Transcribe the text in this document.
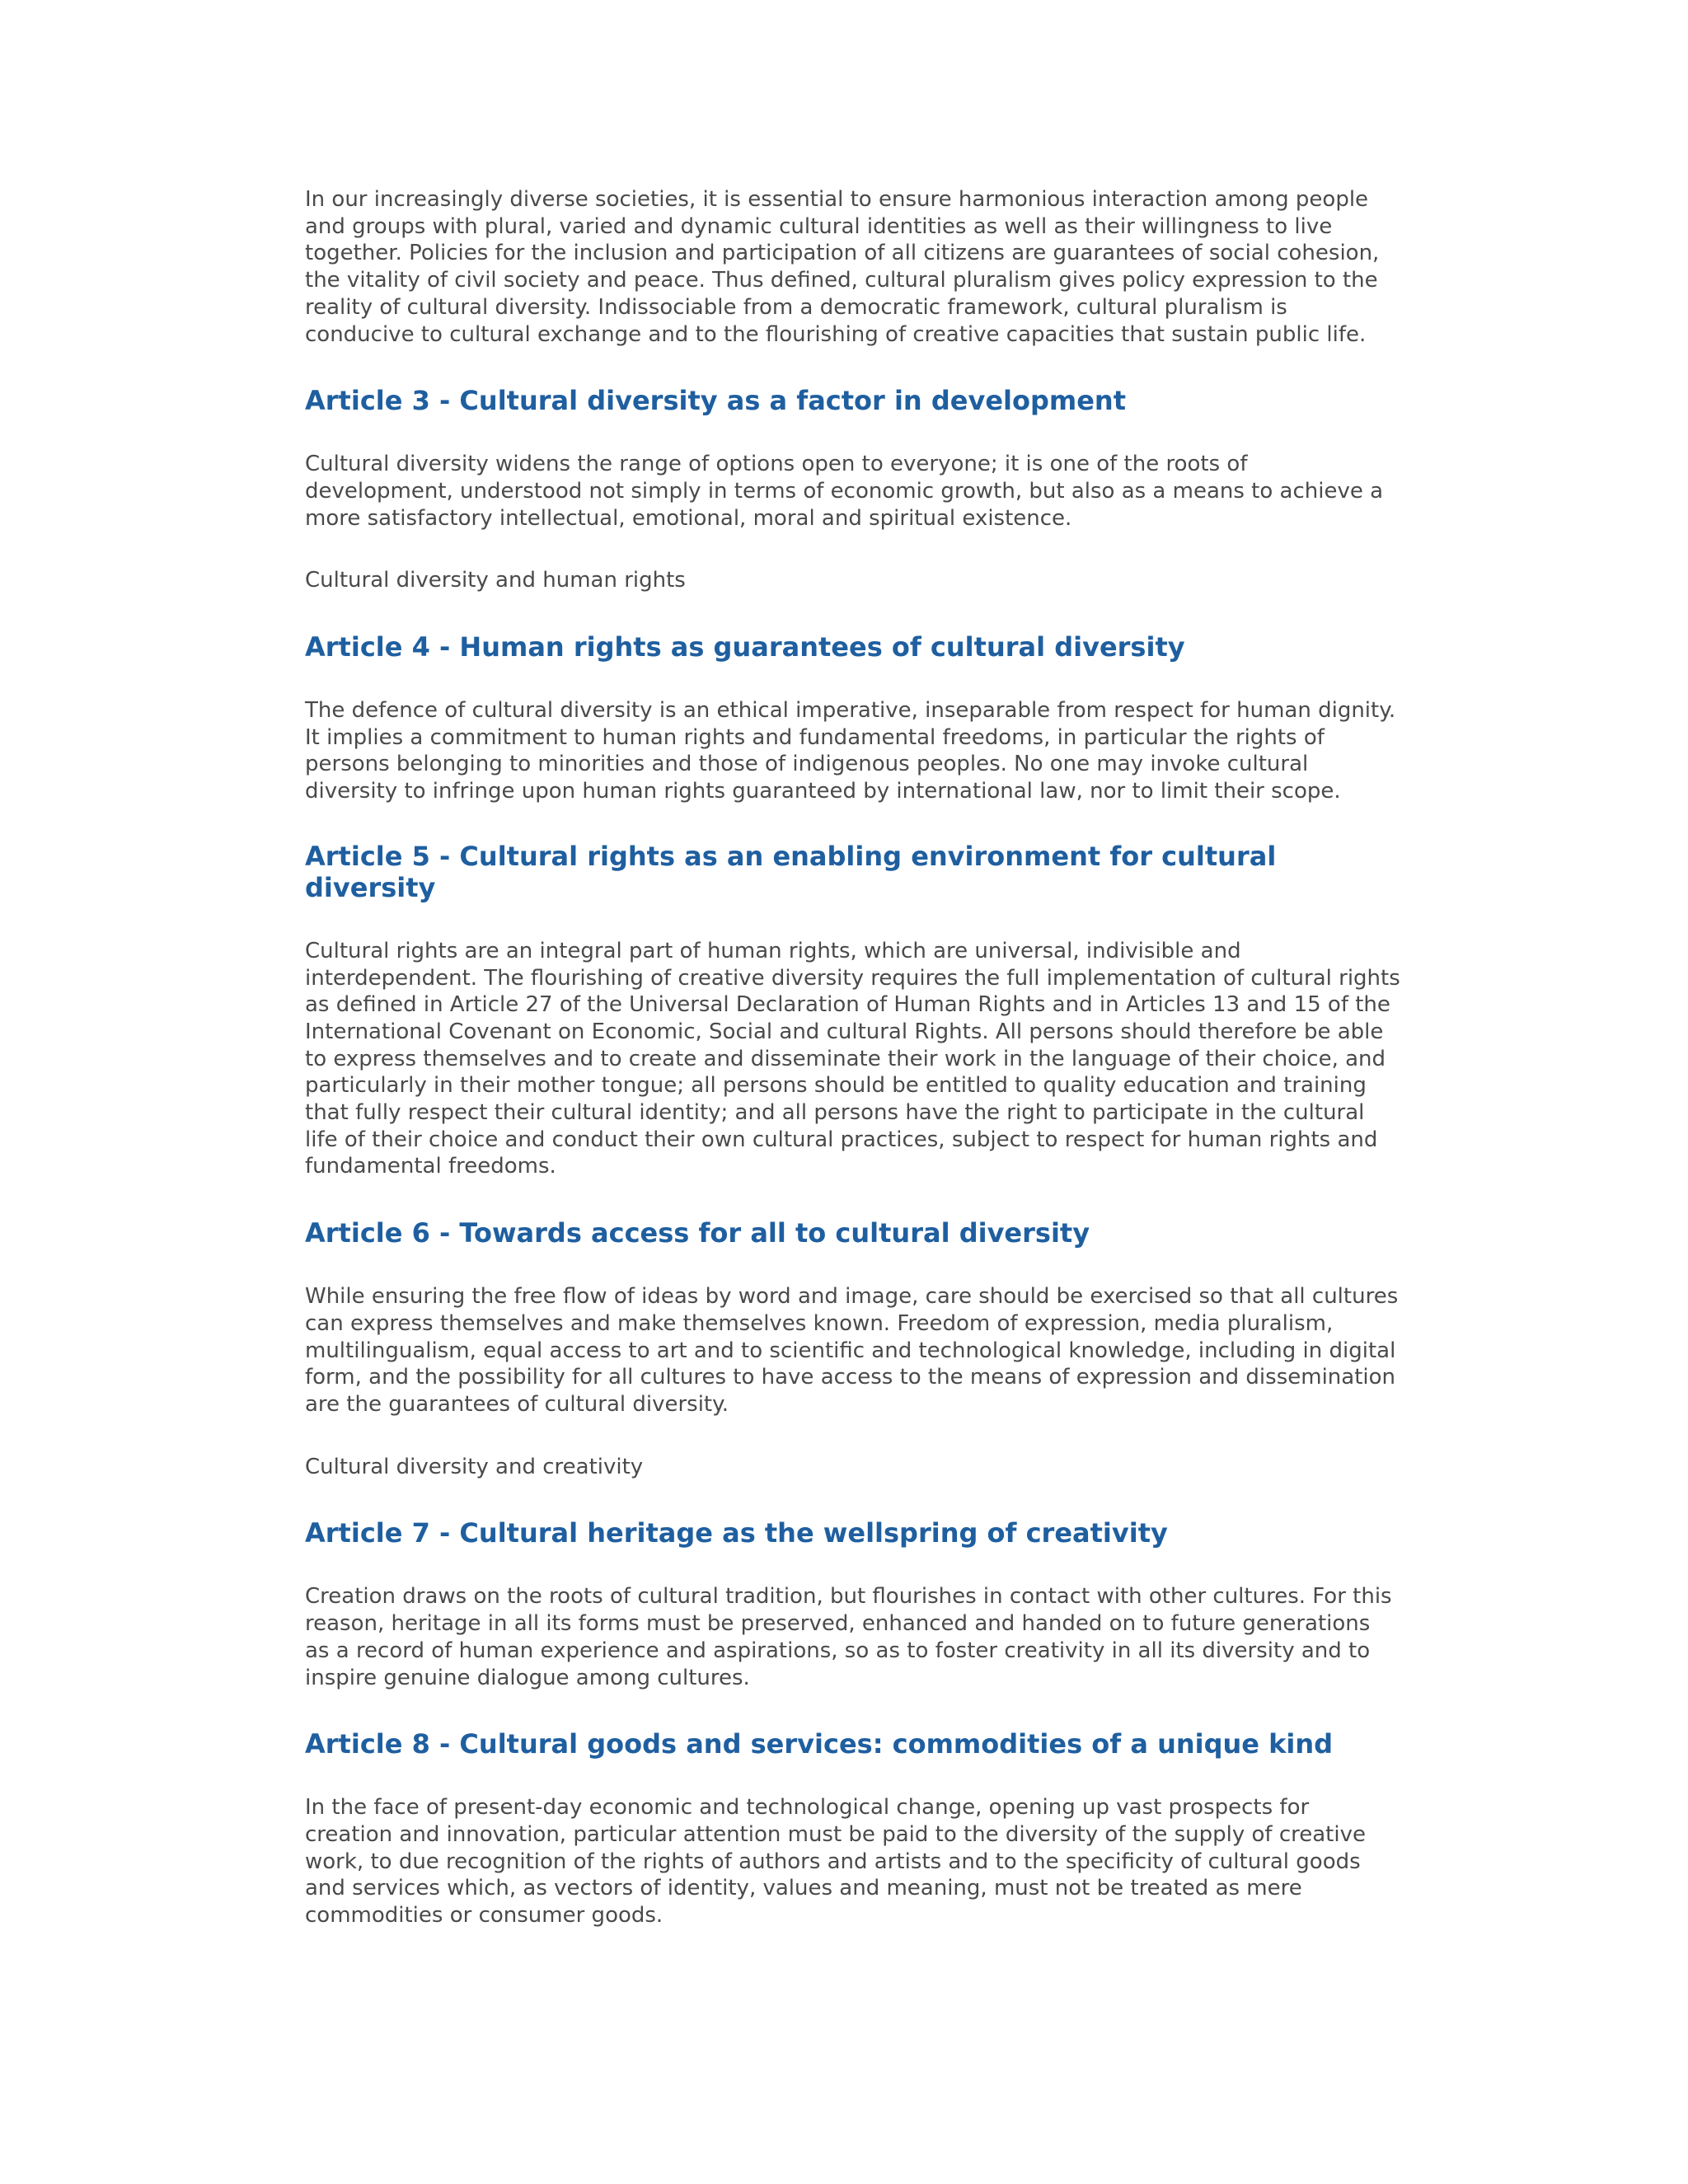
In our increasingly diverse societies, it is essential to ensure harmonious interaction among people and groups with plural, varied and dynamic cultural identities as well as their willingness to live together. Policies for the inclusion and participation of all citizens are guarantees of social cohesion, the vitality of civil society and peace. Thus defined, cultural pluralism gives policy expression to the reality of cultural diversity. Indissociable from a democratic framework, cultural pluralism is conducive to cultural exchange and to the flourishing of creative capacities that sustain public life.

Article 3 - Cultural diversity as a factor in development

Cultural diversity widens the range of options open to everyone; it is one of the roots of development, understood not simply in terms of economic growth, but also as a means to achieve a more satisfactory intellectual, emotional, moral and spiritual existence.

Cultural diversity and human rights

Article 4 - Human rights as guarantees of cultural diversity

The defence of cultural diversity is an ethical imperative, inseparable from respect for human dignity. It implies a commitment to human rights and fundamental freedoms, in particular the rights of persons belonging to minorities and those of indigenous peoples. No one may invoke cultural diversity to infringe upon human rights guaranteed by international law, nor to limit their scope.

Article 5 - Cultural rights as an enabling environment for cultural diversity

Cultural rights are an integral part of human rights, which are universal, indivisible and interdependent. The flourishing of creative diversity requires the full implementation of cultural rights as defined in Article 27 of the Universal Declaration of Human Rights and in Articles 13 and 15 of the International Covenant on Economic, Social and cultural Rights. All persons should therefore be able to express themselves and to create and disseminate their work in the language of their choice, and particularly in their mother tongue; all persons should be entitled to quality education and training that fully respect their cultural identity; and all persons have the right to participate in the cultural life of their choice and conduct their own cultural practices, subject to respect for human rights and fundamental freedoms.

Article 6 - Towards access for all to cultural diversity

While ensuring the free flow of ideas by word and image, care should be exercised so that all cultures can express themselves and make themselves known. Freedom of expression, media pluralism, multilingualism, equal access to art and to scientific and technological knowledge, including in digital form, and the possibility for all cultures to have access to the means of expression and dissemination are the guarantees of cultural diversity.

Cultural diversity and creativity

Article 7 - Cultural heritage as the wellspring of creativity

Creation draws on the roots of cultural tradition, but flourishes in contact with other cultures. For this reason, heritage in all its forms must be preserved, enhanced and handed on to future generations as a record of human experience and aspirations, so as to foster creativity in all its diversity and to inspire genuine dialogue among cultures.

Article 8 - Cultural goods and services: commodities of a unique kind

In the face of present-day economic and technological change, opening up vast prospects for creation and innovation, particular attention must be paid to the diversity of the supply of creative work, to due recognition of the rights of authors and artists and to the specificity of cultural goods and services which, as vectors of identity, values and meaning, must not be treated as mere commodities or consumer goods.
